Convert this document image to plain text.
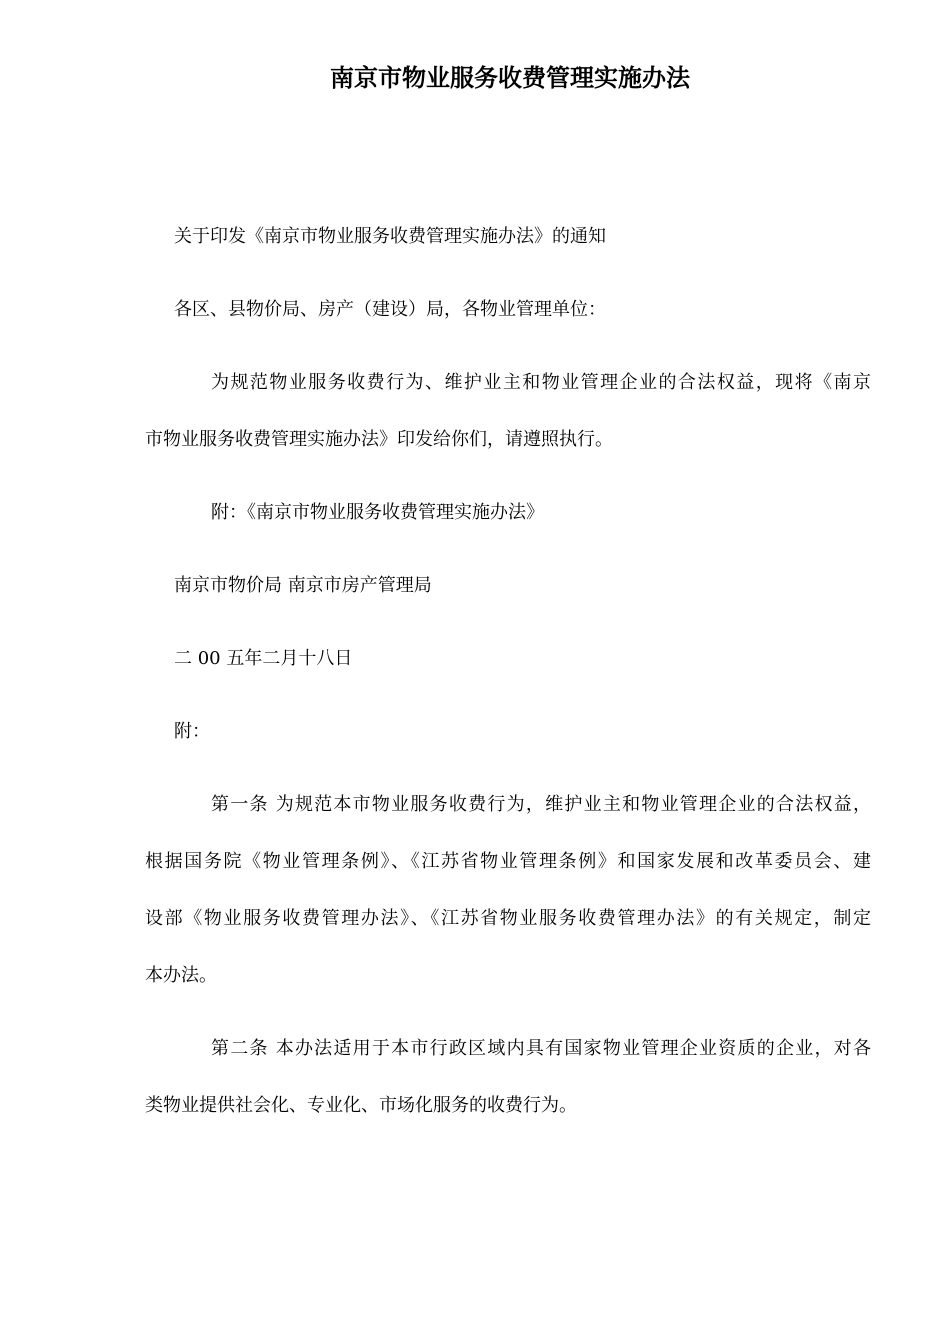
南京市物业服务收费管理实施办法
关于印发《南京市物业服务收费管理实施办法》的通知
各区、县物价局、房产（建设）局，各物业管理单位：
为规范物业服务收费行为、维护业主和物业管理企业的合法权益，现将《南京
市物业服务收费管理实施办法》印发给你们，请遵照执行。
附：《南京市物业服务收费管理实施办法》
南京市物价局 南京市房产管理局
二 00 五年二月十八日
附：
第一条 为规范本市物业服务收费行为，维护业主和物业管理企业的合法权益，
根据国务院《物业管理条例》、《江苏省物业管理条例》和国家发展和改革委员会、建
设部《物业服务收费管理办法》、《江苏省物业服务收费管理办法》的有关规定，制定
本办法。
第二条 本办法适用于本市行政区域内具有国家物业管理企业资质的企业，对各
类物业提供社会化、专业化、市场化服务的收费行为。
